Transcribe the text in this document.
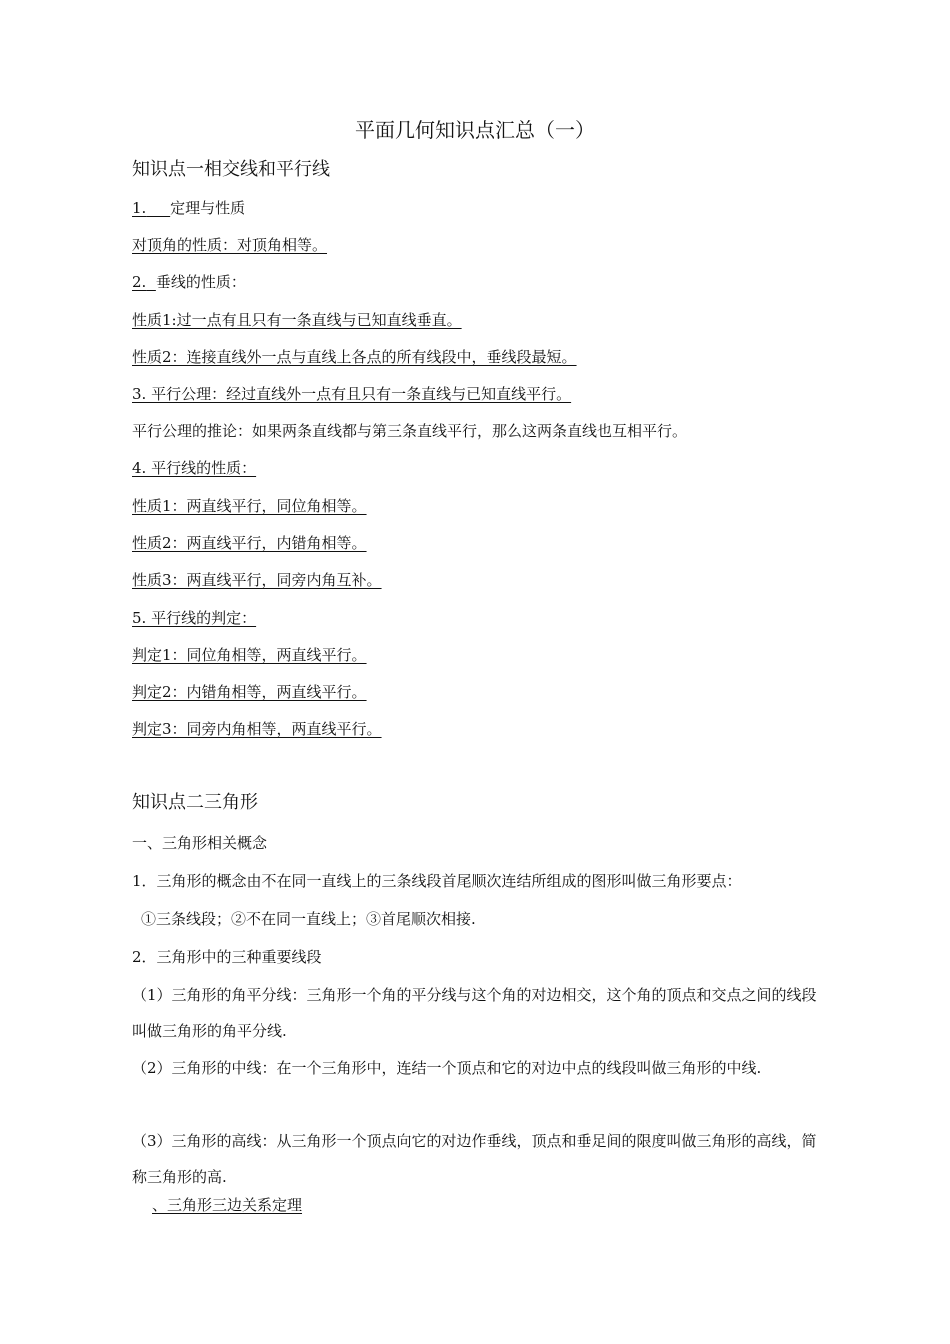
平面几何知识点汇总（一）
知识点一相交线和平行线
1. 定理与性质
对顶角的性质：对顶角相等。
2. 垂线的性质：
性质1:过一点有且只有一条直线与已知直线垂直。
性质2：连接直线外一点与直线上各点的所有线段中，垂线段最短。
3. 平行公理：经过直线外一点有且只有一条直线与已知直线平行。
平行公理的推论：如果两条直线都与第三条直线平行，那么这两条直线也互相平行。
4. 平行线的性质：
性质1：两直线平行，同位角相等。
性质2：两直线平行，内错角相等。
性质3：两直线平行，同旁内角互补。
5. 平行线的判定：
判定1：同位角相等，两直线平行。
判定2：内错角相等，两直线平行。
判定3：同旁内角相等，两直线平行。
知识点二三角形
一、三角形相关概念
1．三角形的概念由不在同一直线上的三条线段首尾顺次连结所组成的图形叫做三角形要点：
①三条线段；②不在同一直线上；③首尾顺次相接.
2．三角形中的三种重要线段
（1）三角形的角平分线：三角形一个角的平分线与这个角的对边相交，这个角的顶点和交点之间的线段叫做三角形的角平分线.
（2）三角形的中线：在一个三角形中，连结一个顶点和它的对边中点的线段叫做三角形的中线.
（3）三角形的高线：从三角形一个顶点向它的对边作垂线，顶点和垂足间的限度叫做三角形的高线，简称三角形的高.
、三角形三边关系定理
